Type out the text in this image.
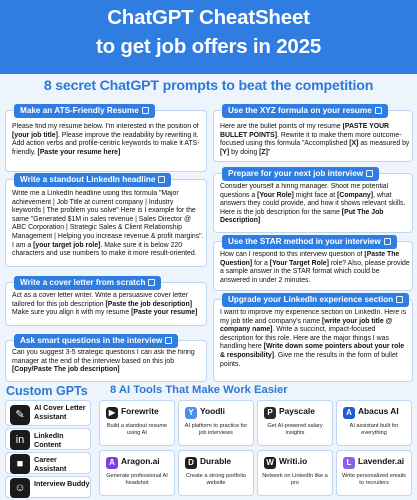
ChatGPT CheatSheet
to get job offers in 2025
8 secret ChatGPT prompts to beat the competition
Make an ATS-Friendly Resume
Please find my resume below. I'm interested in the position of [your job title]. Please improve the readability by rewriting it. Add action verbs and profile-centric keywords to make it ATS-friendly. [Paste your resume here]
Write a standout LinkedIn headline
Write me a LinkedIn headline using this formula "Major achievement | Job Title at current company | Industry keywords | The problem you solve" Here is I example for the same "Generated $1M in sales revenue | Sales Director @ ABC Corporation | Strategic Sales & Client Relationship Management | Helping you increase revenue & profit margins". I am a [your target job role]. Make sure it is below 220 characters and use numbers to make it more result-oriented.
Write a cover letter from scratch
Act as a cover letter writer. Write a persuasive cover letter tailored for this job description [Paste the job description] Make sure you align it with my resume [Paste your resume]
Ask smart questions in the interview
Can you suggest 3-5 strategic questions I can ask the hiring manager at the end of the interview based on this job [Copy/Paste The job description]
Use the XYZ formula on your resume
Here are the bullet points of my resume [PASTE YOUR BULLET POINTS]. Rewrite it to make them more outcome-focused using this formula "Accomplished [X] as measured by [Y] by doing [Z]"
Prepare for your next job interview
Consider yourself a hiring manager. Shoot me potential questions a [Your Role] might face at [Company], what answers they could provide, and how it shows relevant skills. Here is the job description for the same [Put The Job Description]
Use the STAR method in your interview
How can I respond to this interview question of [Paste The Question] for a [Your Target Role] role? Also, please provide a sample answer in the STAR format which could be answered in under 2 minutes.
Upgrade your LinkedIn experience section
I want to improve my experience section on LinkedIn. Here is my job title and company's name [write your job title @ company name]. Write a succinct, impact-focused description for this role. Here are the major things I was handling here [Write down some pointers about your role & responsibility]. Give me the results in the form of bullet points.
Custom GPTs
✎
AI Cover Letter Assistant
in	LinkedIn Content
■	Career Assistant
☺	Interview Buddy
8 AI Tools That Make Work Easier
▶ Forewrite
Build a standout resume using AI
Y Yoodli
AI platform to practice for job interviews
P Payscale
Get AI-powered salary insights
A Abacus AI
AI assistant built for everything
A Aragon.ai
Generate professional AI headshot
D Durable
Create a strong portfolio website
W Writi.io
Network on LinkedIn like a pro
L Lavender.ai
Write personalized emails to recruiters
